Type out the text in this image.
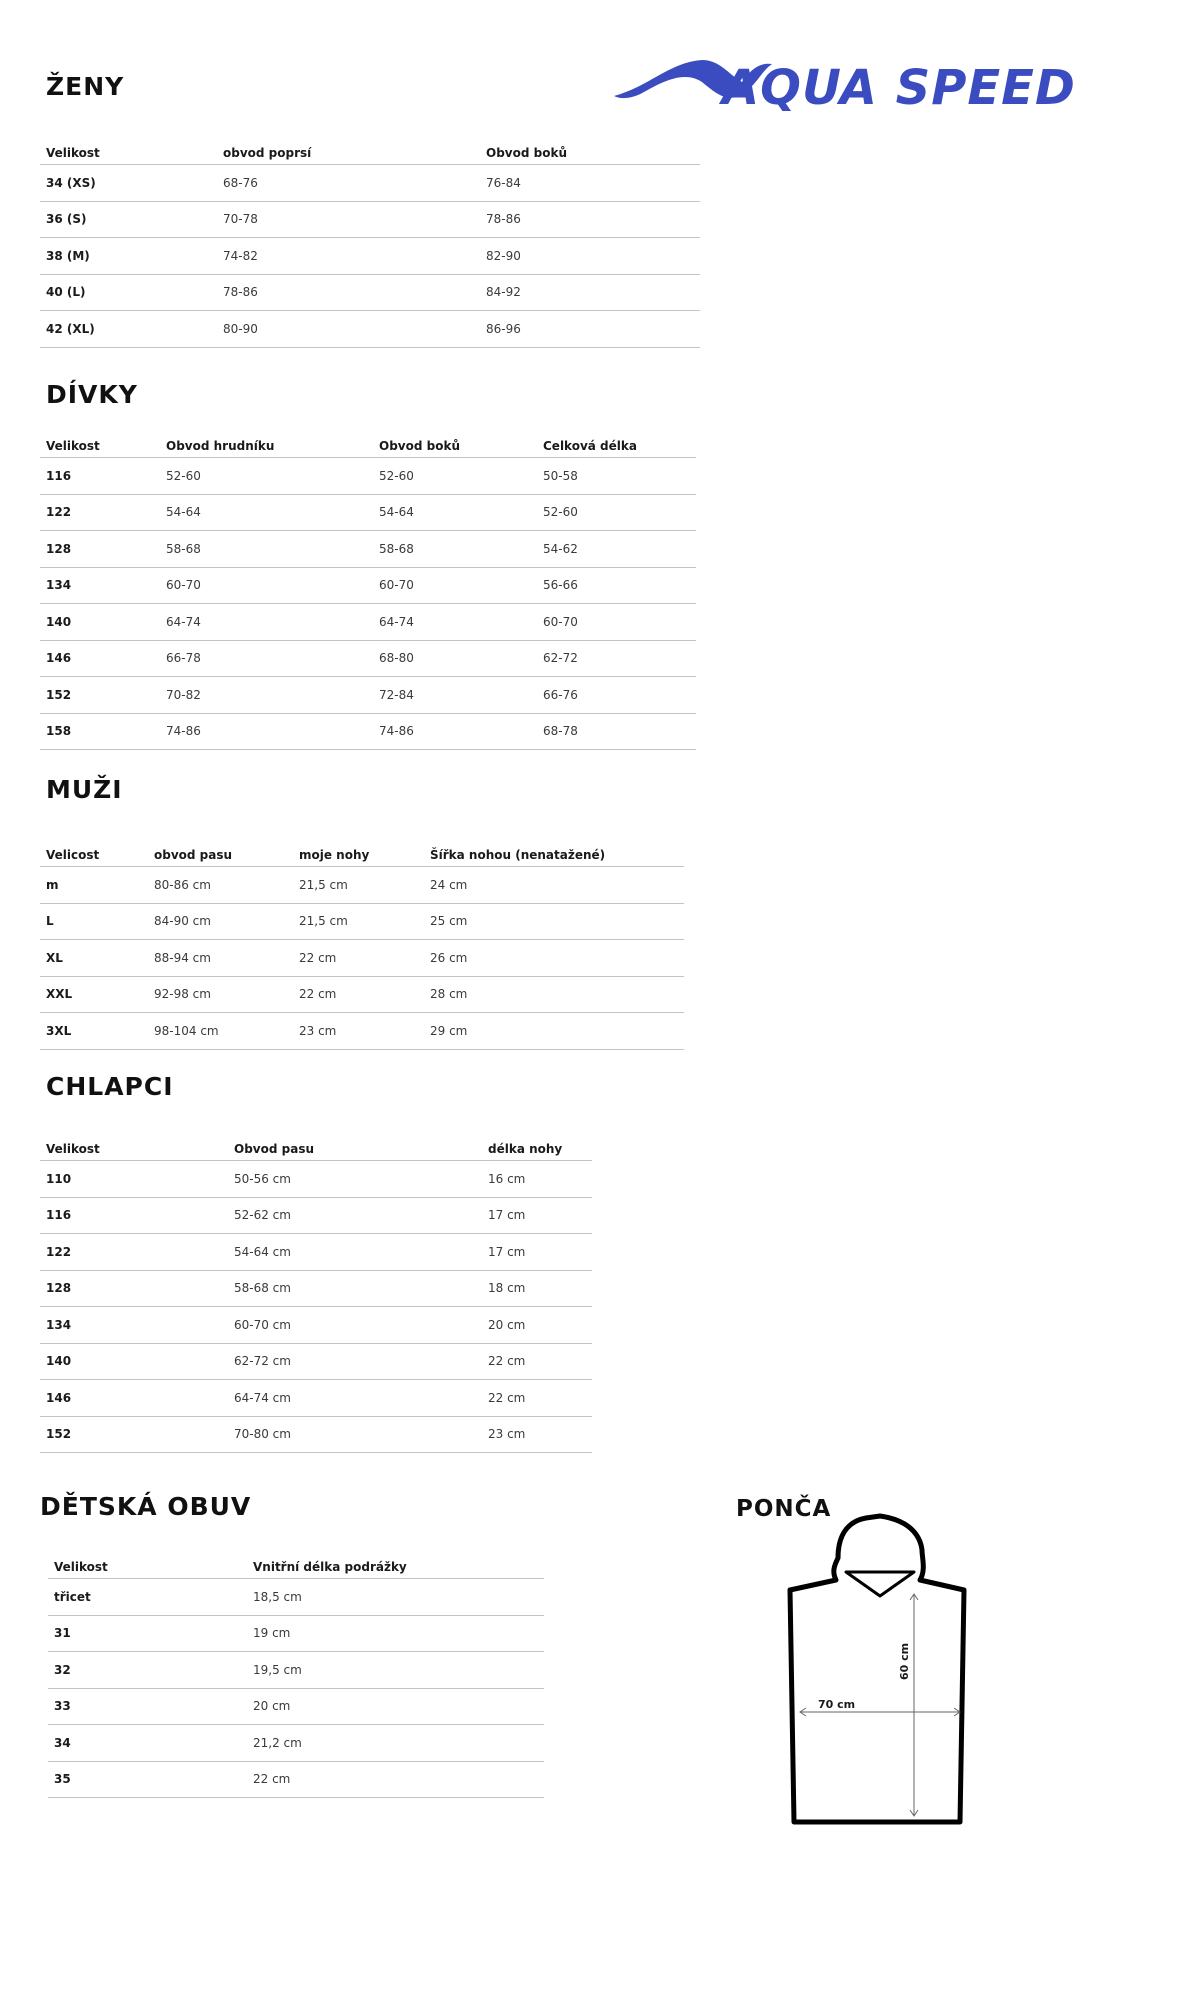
AQUA SPEED
ŽENY
Velikost	obvod poprsí	Obvod boků
34 (XS)	68-76	76-84
36 (S)	70-78	78-86
38 (M)	74-82	82-90
40 (L)	78-86	84-92
42 (XL)	80-90	86-96
DÍVKY
Velikost	Obvod hrudníku	Obvod boků	Celková délka
116	52-60	52-60	50-58
122	54-64	54-64	52-60
128	58-68	58-68	54-62
134	60-70	60-70	56-66
140	64-74	64-74	60-70
146	66-78	68-80	62-72
152	70-82	72-84	66-76
158	74-86	74-86	68-78
MUŽI
Velicost	obvod pasu	moje nohy	Šířka nohou (nenatažené)
m	80-86 cm	21,5 cm	24 cm
L	84-90 cm	21,5 cm	25 cm
XL	88-94 cm	22 cm	26 cm
XXL	92-98 cm	22 cm	28 cm
3XL	98-104 cm	23 cm	29 cm
CHLAPCI
Velikost	Obvod pasu	délka nohy
110	50-56 cm	16 cm
116	52-62 cm	17 cm
122	54-64 cm	17 cm
128	58-68 cm	18 cm
134	60-70 cm	20 cm
140	62-72 cm	22 cm
146	64-74 cm	22 cm
152	70-80 cm	23 cm
DĚTSKÁ OBUV
Velikost	Vnitřní délka podrážky
třicet	18,5 cm
31	19 cm
32	19,5 cm
33	20 cm
34	21,2 cm
35	22 cm
PONČA
70 cm
60 cm
